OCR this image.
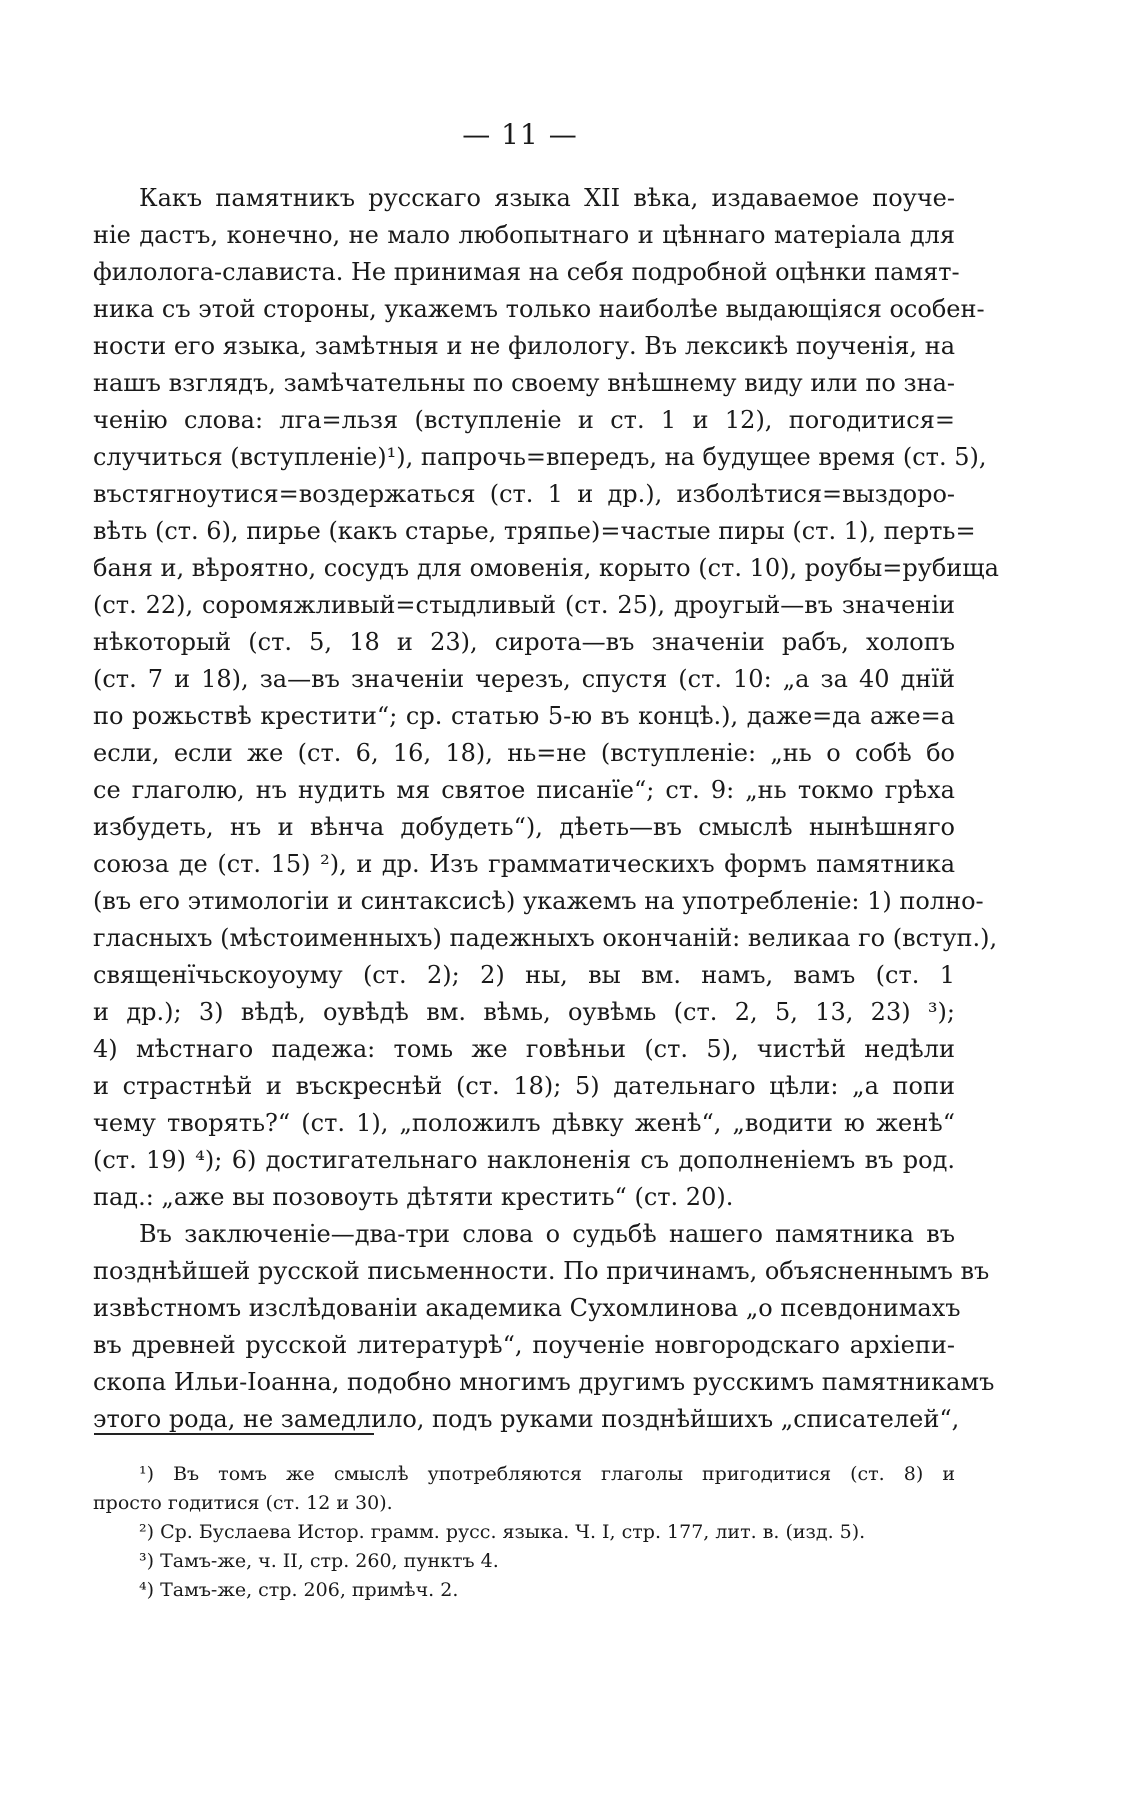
— 11 —
Какъ памятникъ русскаго языка XII вѣка, издаваемое поуче-
ніе дастъ, конечно, не мало любопытнаго и цѣннаго матеріала для
филолога-слависта. Не принимая на себя подробной оцѣнки памят-
ника съ этой стороны, укажемъ только наиболѣе выдающіяся особен-
ности его языка, замѣтныя и не филологу. Въ лексикѣ поученія, на
нашъ взглядъ, замѣчательны по своему внѣшнему виду или по зна-
ченію слова: лга=льзя (вступленіе и ст. 1 и 12), погодитися=
случиться (вступленіе)¹), папрочь=впередъ, на будущее время (ст. 5),
въстягноутися=воздержаться (ст. 1 и др.), изболѣтися=выздоро-
вѣть (ст. 6), пирье (какъ старье, тряпье)=частые пиры (ст. 1), перть=
баня и, вѣроятно, сосудъ для омовенія, корыто (ст. 10), роубы=рубища
(ст. 22), соромяжливый=стыдливый (ст. 25), дроугый—въ значеніи
нѣкоторый (ст. 5, 18 и 23), сирота—въ значеніи рабъ, холопъ
(ст. 7 и 18), за—въ значеніи черезъ, спустя (ст. 10: „а за 40 днїй
по рожьствѣ крестити“; ср. статью 5-ю въ концѣ.), даже=да аже=а
если, если же (ст. 6, 16, 18), нь=не (вступленіе: „нь о собѣ бо
се глаголю, нъ нудить мя святое писанїе“; ст. 9: „нь токмо грѣха
избудеть, нъ и вѣнча добудеть“), дѣеть—въ смыслѣ нынѣшняго
союза де (ст. 15) ²), и др. Изъ грамматическихъ формъ памятника
(въ его этимологіи и синтаксисѣ) укажемъ на употребленіе: 1) полно-
гласныхъ (мѣстоименныхъ) падежныхъ окончаній: великаа го (вступ.),
священїчьскоуоуму (ст. 2); 2) ны, вы вм. намъ, вамъ (ст. 1
и др.); 3) вѣдѣ, оувѣдѣ вм. вѣмь, оувѣмь (ст. 2, 5, 13, 23) ³);
4) мѣстнаго падежа: томь же говѣньи (ст. 5), чистѣй недѣли
и страстнѣй и въскреснѣй (ст. 18); 5) дательнаго цѣли: „а попи
чему творять?“ (ст. 1), „положилъ дѣвку женѣ“, „водити ю женѣ“
(ст. 19) ⁴); 6) достигательнаго наклоненія съ дополненіемъ въ род.
пад.: „аже вы позовоуть дѣтяти крестить“ (ст. 20).
Въ заключеніе—два-три слова о судьбѣ нашего памятника въ
позднѣйшей русской письменности. По причинамъ, объясненнымъ въ
извѣстномъ изслѣдованіи академика Сухомлинова „о псевдонимахъ
въ древней русской литературѣ“, поученіе новгородскаго архіепи-
скопа Ильи-Іоанна, подобно многимъ другимъ русскимъ памятникамъ
этого рода, не замедлило, подъ руками позднѣйшихъ „списателей“,
¹) Въ томъ же смыслѣ употребляются глаголы пригодитися (ст. 8) и
просто годитися (ст. 12 и 30).
²) Ср. Буслаева Истор. грамм. русс. языка. Ч. I, стр. 177, лит. в. (изд. 5).
³) Тамъ-же, ч. II, стр. 260, пунктъ 4.
⁴) Тамъ-же, стр. 206, примѣч. 2.
